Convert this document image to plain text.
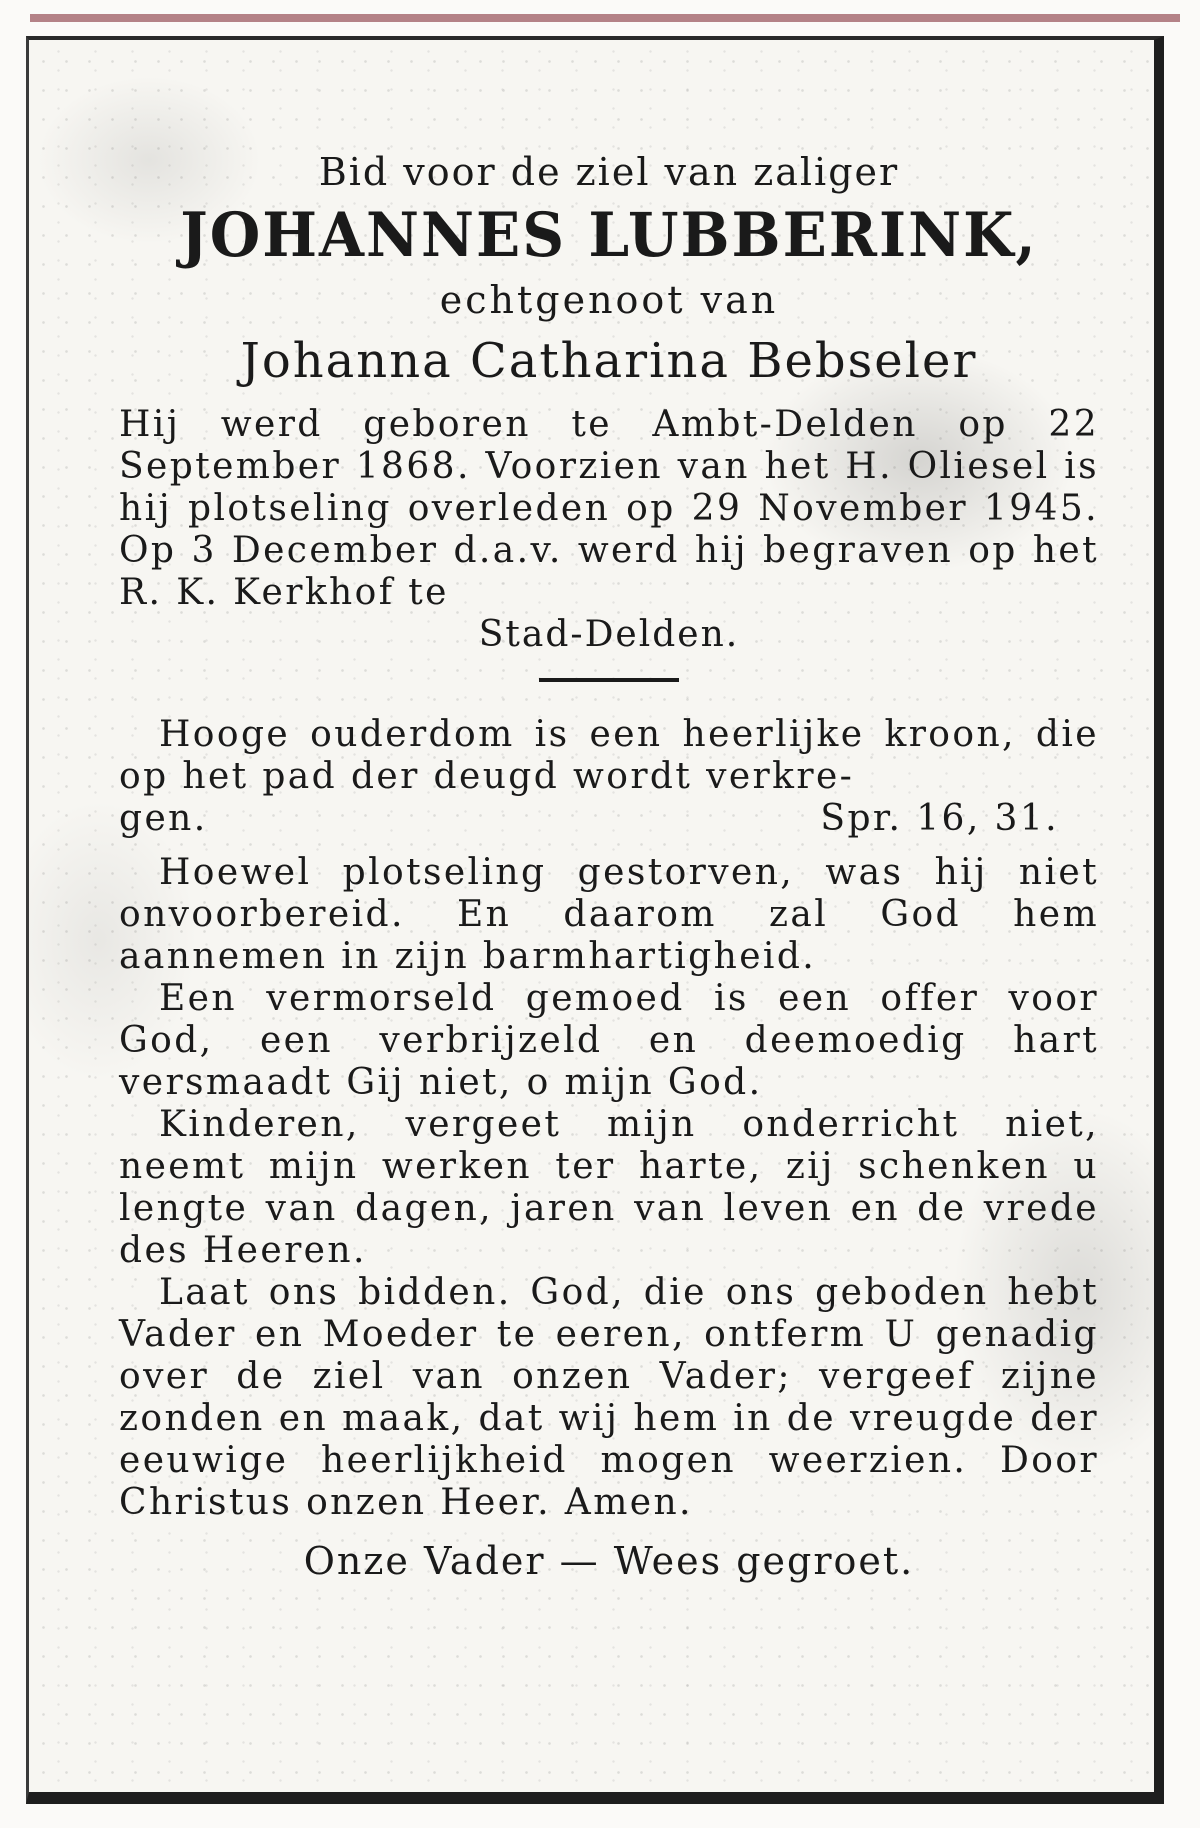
Bid voor de ziel van zaliger
JOHANNES LUBBERINK,
echtgenoot van
Johanna Catharina Bebseler

Hij werd geboren te Ambt-Delden op 22 September 1868. Voorzien van het H. Oliesel is hij plotseling overleden op 29 November 1945. Op 3 December d.a.v. werd hij begraven op het R. K. Kerkhof te

Stad-Delden.

Hooge ouderdom is een heerlijke kroon, die op het pad der deugd wordt verkre-

gen.	Spr. 16, 31.

Hoewel plotseling gestorven, was hij niet onvoorbereid. En daarom zal God hem aannemen in zijn barmhartigheid.

Een vermorseld gemoed is een offer voor God, een verbrijzeld en deemoedig hart versmaadt Gij niet, o mijn God.

Kinderen, vergeet mijn onderricht niet, neemt mijn werken ter harte, zij schenken u lengte van dagen, jaren van leven en de vrede des Heeren.

Laat ons bidden. God, die ons geboden hebt Vader en Moeder te eeren, ontferm U genadig over de ziel van onzen Vader; vergeef zijne zonden en maak, dat wij hem in de vreugde der eeuwige heerlijkheid mogen weerzien. Door Christus onzen Heer. Amen.

Onze Vader — Wees gegroet.
